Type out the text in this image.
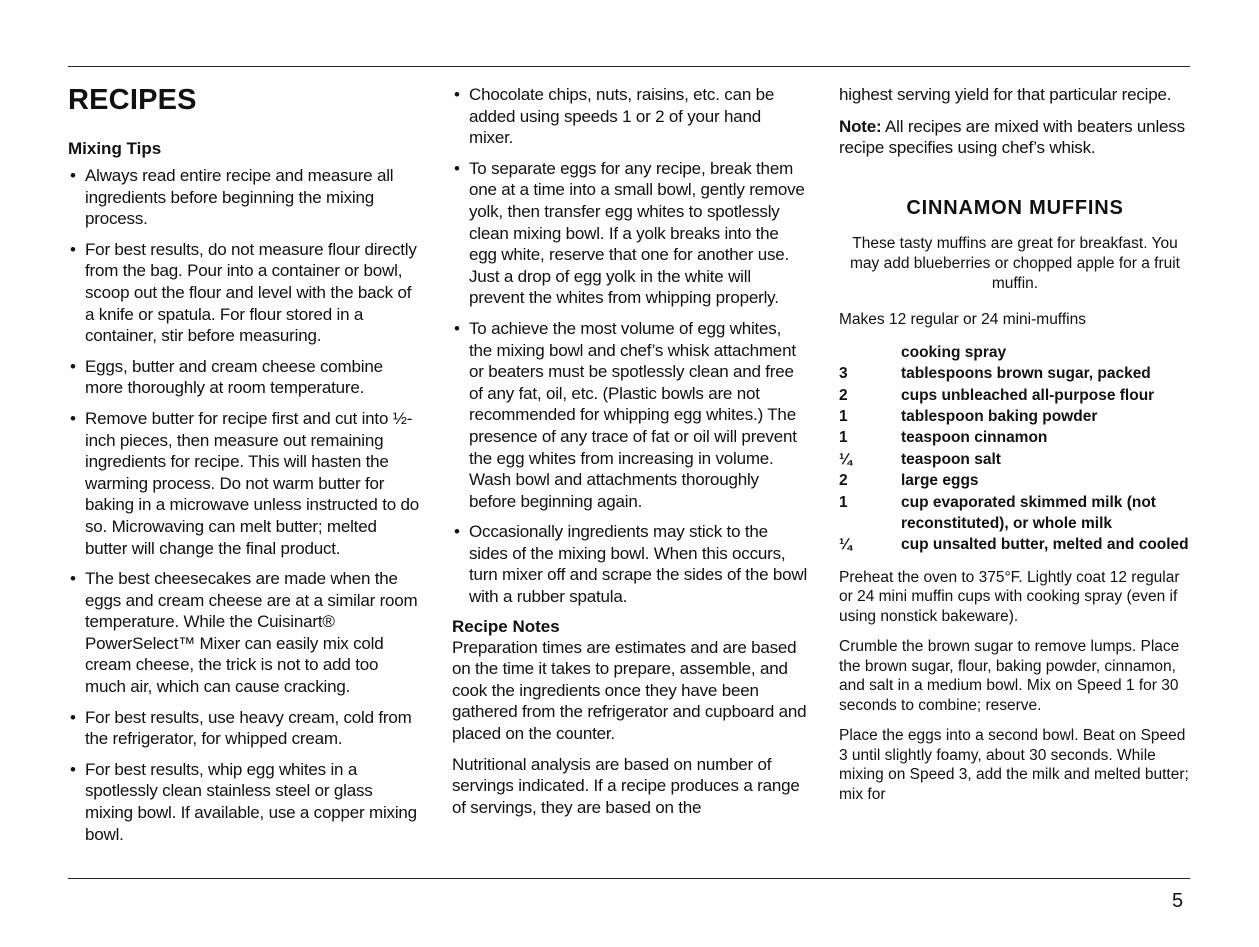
RECIPES
Mixing Tips
• Always read entire recipe and measure all ingredients before beginning the mixing process.
• For best results, do not measure flour directly from the bag. Pour into a container or bowl, scoop out the flour and level with the back of a knife or spatula. For flour stored in a container, stir before measuring.
• Eggs, butter and cream cheese combine more thoroughly at room temperature.
• Remove butter for recipe first and cut into ½-inch pieces, then measure out remaining ingredients for recipe. This will hasten the warming process. Do not warm butter for baking in a microwave unless instructed to do so. Microwaving can melt butter; melted butter will change the final product.
• The best cheesecakes are made when the eggs and cream cheese are at a similar room temperature. While the Cuisinart® PowerSelect™ Mixer can easily mix cold cream cheese, the trick is not to add too much air, which can cause cracking.
• For best results, use heavy cream, cold from the refrigerator, for whipped cream.
• For best results, whip egg whites in a spotlessly clean stainless steel or glass mixing bowl. If available, use a copper mixing bowl.
• Chocolate chips, nuts, raisins, etc. can be added using speeds 1 or 2 of your hand mixer.
• To separate eggs for any recipe, break them one at a time into a small bowl, gently remove yolk, then transfer egg whites to spotlessly clean mixing bowl. If a yolk breaks into the egg white, reserve that one for another use. Just a drop of egg yolk in the white will prevent the whites from whipping properly.
• To achieve the most volume of egg whites, the mixing bowl and chef’s whisk attachment or beaters must be spotlessly clean and free of any fat, oil, etc. (Plastic bowls are not recommended for whipping egg whites.) The presence of any trace of fat or oil will prevent the egg whites from increasing in volume. Wash bowl and attachments thoroughly before beginning again.
• Occasionally ingredients may stick to the sides of the mixing bowl. When this occurs, turn mixer off and scrape the sides of the bowl with a rubber spatula.
Recipe Notes

Preparation times are estimates and are based on the time it takes to prepare, assemble, and cook the ingredients once they have been gathered from the refrigerator and cupboard and placed on the counter.

Nutritional analysis are based on number of servings indicated. If a recipe produces a range of servings, they are based on the

highest serving yield for that particular recipe.

Note: All recipes are mixed with beaters unless recipe specifies using chef’s whisk.

CINNAMON MUFFINS

These tasty muffins are great for breakfast. You may add blueberries or chopped apple for a fruit muffin.

Makes 12 regular or 24 mini-muffins

	cooking spray
3	tablespoons brown sugar, packed
2	cups unbleached all-purpose flour
1	tablespoon baking powder
1	teaspoon cinnamon
¼	teaspoon salt
2	large eggs
1	cup evaporated skimmed milk (not reconstituted), or whole milk
¼	cup unsalted butter, melted and cooled

Preheat the oven to 375°F. Lightly coat 12 regular or 24 mini muffin cups with cooking spray (even if using nonstick bakeware).

Crumble the brown sugar to remove lumps. Place the brown sugar, flour, baking powder, cinnamon, and salt in a medium bowl. Mix on Speed 1 for 30 seconds to combine; reserve.

Place the eggs into a second bowl. Beat on Speed 3 until slightly foamy, about 30 seconds. While mixing on Speed 3, add the milk and melted butter; mix for

5
